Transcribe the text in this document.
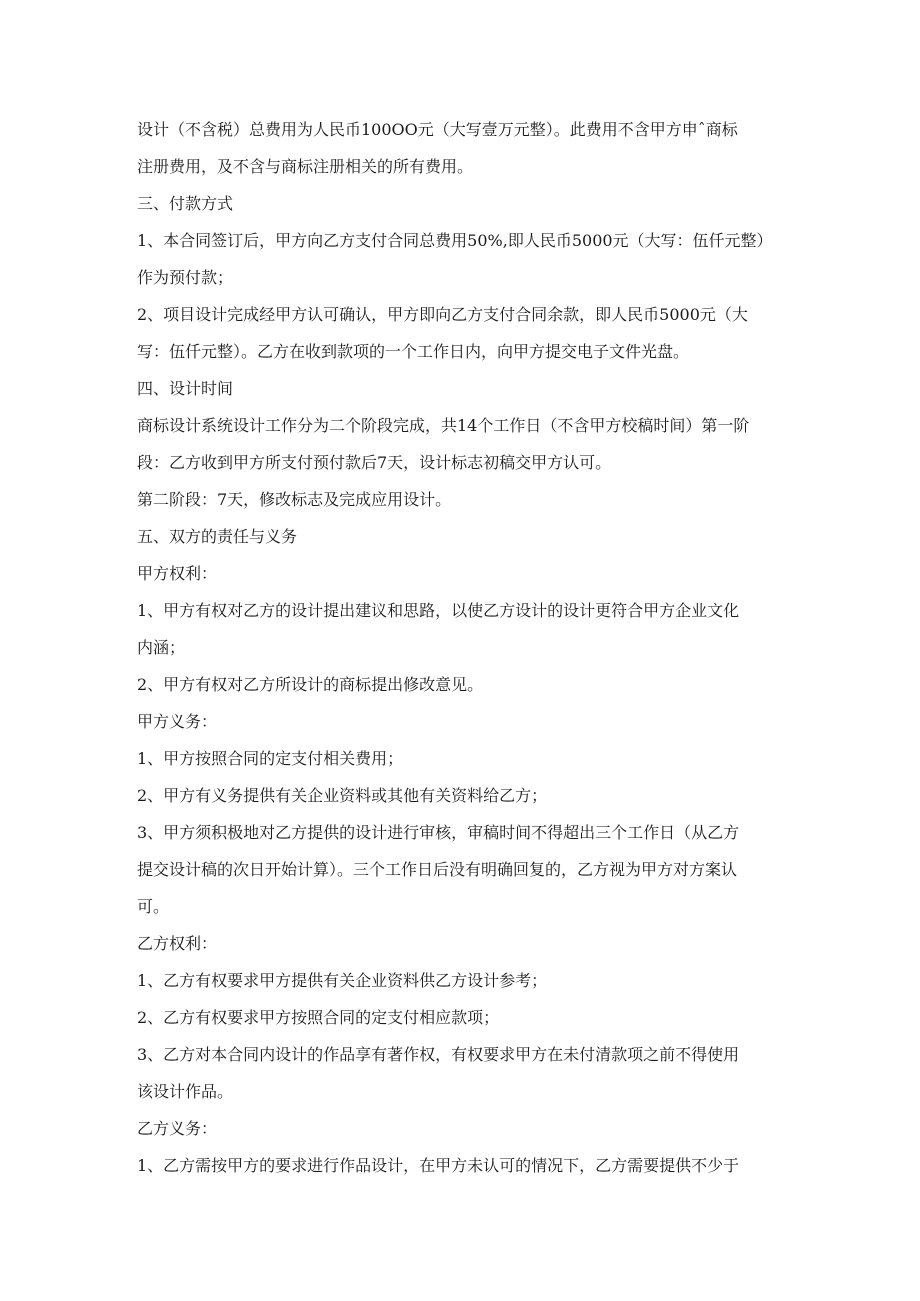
设计（不含税）总费用为人民币100OO元（大写壹万元整）。此费用不含甲方申ˆ商标
注册费用，及不含与商标注册相关的所有费用。
三、付款方式
1、本合同签订后，甲方向乙方支付合同总费用50%,即人民币5000元（大写：伍仟元整）
作为预付款；
2、项目设计完成经甲方认可确认，甲方即向乙方支付合同余款，即人民币5000元（大
写：伍仟元整）。乙方在收到款项的一个工作日内，向甲方提交电子文件光盘。
四、设计时间
商标设计系统设计工作分为二个阶段完成，共14个工作日（不含甲方校稿时间）第一阶
段：乙方收到甲方所支付预付款后7天，设计标志初稿交甲方认可。
第二阶段：7天，修改标志及完成应用设计。
五、双方的责任与义务
甲方权利：
1、甲方有权对乙方的设计提出建议和思路，以使乙方设计的设计更符合甲方企业文化
内涵；
2、甲方有权对乙方所设计的商标提出修改意见。
甲方义务：
1、甲方按照合同的定支付相关费用；
2、甲方有义务提供有关企业资料或其他有关资料给乙方；
3、甲方须积极地对乙方提供的设计进行审核，审稿时间不得超出三个工作日（从乙方
提交设计稿的次日开始计算）。三个工作日后没有明确回复的，乙方视为甲方对方案认
可。
乙方权利：
1、乙方有权要求甲方提供有关企业资料供乙方设计参考；
2、乙方有权要求甲方按照合同的定支付相应款项；
3、乙方对本合同内设计的作品享有著作权，有权要求甲方在未付清款项之前不得使用
该设计作品。
乙方义务：
1、乙方需按甲方的要求进行作品设计，在甲方未认可的情况下，乙方需要提供不少于
